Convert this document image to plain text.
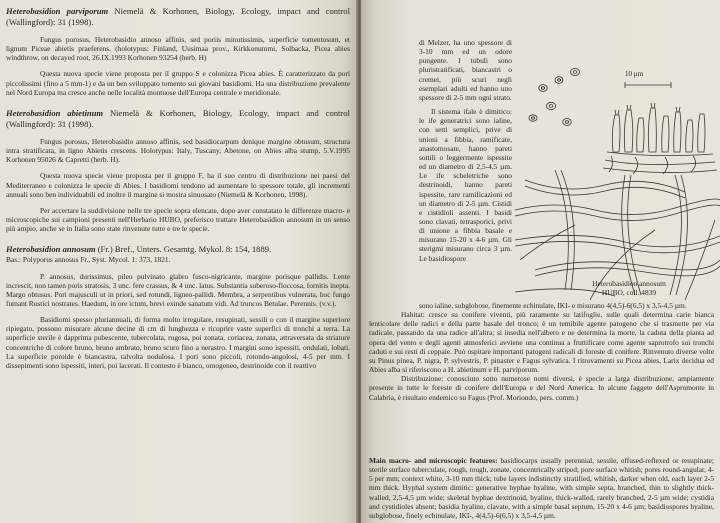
Heterobasidion parviporum Niemelä & Korhonen, Biology, Ecology, impact and control (Wallingford): 31 (1998).

Fungus porosus, Heterobasidio annoso affinis, sed poriis minutissimis, superficie tomentosum, et lignum Piceae abietis praeferens. (holotypus: Finland, Uusimaa prov., Kirkkonummi, Solbacka, Picea abies windthrow, on decayed root, 26.IX.1993 Korhonen 93254 (herb. H)

Questa nuova specie viene proposta per il gruppo S e colonizza Picea abies. È caratterizzato da pori piccolissimi (fino a 5 mm-1) e da un ben sviluppato tomento sui giovani basidiomi. Ha una distribuzione prevalente nel Nord Europa ma cresce anche nelle località montuose dell'Europa centrale e meridionale.

Heterobasidion abietinum Niemelä & Korhonen, Biology, Ecology, impact and control (Wallingford): 31 (1998).

Fungus porosus, Heterobasidio annoso affinis, sed basidiocarpum denique marginе obtusum, structura intra stratificata, in ligno Abietis crescens. Holotypus: Italy, Tuscany, Abetone, on Abies alba stump, 5.V.1995 Korhonen 95026 & Capretti (herb. H).

Questa nuova specie viene proposta per il gruppo F, ha il suo centro di distribuzione nei paesi del Mediterraneo e colonizza le specie di Abies. I basidiomi tendono ad aumentare lo spessore totale, gli incrementi annuali sono ben individuabili ed inoltre il margine si mostra sinuosato (Niemelä & Korhonen, 1998).

Per accertare la suddivisione nelle tre specie sopra elencate, dopo aver constatato le differenze macro- e microscopiche sui campioni presenti nell'Herbario HUBO, preferisco trattare Heterobasidion annosum in un senso più ampio, anche se in Italia sono state rinvenute tutte e tre le specie.

Heterobasidion annosum (Fr.) Bref., Unters. Gesamtg. Mykol. 8: 154, 1889.

Bas.: Polyporus annosus Fr., Syst. Mycol. 1: 373, 1821.

P. annosus, durissimus, pileo pulvinato glabro fusco-nigricante, margine porisque pallidis. Lente increscit, non tamen poris stratosis, 3 unc. fere crassus, & 4 unc. latus. Substantia suberoso-floccosa, fornitis inepta. Margo obtusus. Pori majusculi ut in priori, sed rotundi, ligneo-pallidi. Membra, a serpentibus vulnerata, hoc fungo fumant Rustici nostrates. Haedum, in ore ictum, brevi exinde sanatum vidi. Ad truncos Betulae. Perennis. (v.v.).

Basidiomi spesso pluriannuali, di forma molto irregolare, resupinati, sessili o con il margine superiore ripiegato, possono misurare alcune decine di cm di lunghezza e ricoprire vaste superfici di tronchi a terra. La superficie sterile è dapprima pubescente, tubercolata, rugosa, poi zonata, coriacea, zonata, attraversata da striature concentriche di colore bruno, bruno ambrato, bruno scuro fino a nerastro. I margini sono ispessiti, ondulati, lobati. La superficie poroide è biancastra, talvolta nodulosa. I pori sono piccoli, rotondo-angolosi, 4-5 per mm. I dissepimenti sono ispessiti, interi, poi lacerati. Il contesto è bianco, omogeneo, destrinoide con il reattivo

di Melzer, ha uno spessore di 3-10 mm ed un odore pungente. I tubuli sono pluristratificati, biancastri o cremei, più scuri negli esemplari adulti ed hanno uno spessore di 2-5 mm ogni strato.

Il sistema ifale è dimitico: le ife generatrici sono ialine, con setti semplici, prive di unioni a fibbia, ramificate, anastomosate, hanno pareti sottili o leggermente ispessite ed un diametro di 2,5-4,5 µm. Le ife scheletriche sono destrinoidi, hanno pareti ispessite, rare ramificazioni ed un diametro di 2-5 µm. Cistidi e cistidioli assenti. I basidi sono clavati, tetrasporici, privi di unione a fibbia basale e misurano 15-20 x 4-6 µm. Gli sterigmi misurano circa 3 µm. Le basidiospore

10 µm
Heterobasidion annosum
HUBO, coll. 4839

sono ialine, subglobose, finemente echinulate, IKI- e misurano 4(4,5)-6(6,5) x 3,5-4,5 µm.

Habitat: cresce su conifere viventi, più raramente su latifoglie, sulle quali determina carie bianca lenticolare delle radici e della parte basale del tronco; è un temibile agente patogeno che si trasmette per via radicale, passando da una radice all'altra; si insedia nell'albero e ne determina la morte, la caduta della pianta ad opera del vento e degli agenti atmosferici avviene una continua a fruttificare come agente saprotrofo sui tronchi caduti e sui resti di ceppaie. Può ospitare importanti patogeni radicali di foreste di conifere. Rinvenuto diverse volte su Pinus pinea, P. nigra, P. sylvestris, P. pinaster e Fagus sylvatica. I ritrovamenti su Picea abies, Larix decidua ed Abies alba si riferiscono a H. abietinum e H. parviporum.

Distribuzione: conosciuto sotto numerose nomi diversi, è specie a larga distribuzione, ampiamente presente in tutte le foreste di conifere dell'Europa e del Nord America. In alcune faggete dell'Aspromonte in Calabria, è risultato endemico su Fagus (Prof. Moriondo, pers. comm.)

Main macro- and microscopic features: basidiocarps usually perennial, sessile, effused-reflexed or resupinate; sterile surface tuberculate, rough, tough, zonate, concentrically striped; pore surface whitish; pores round-angular, 4-5 per mm; context white, 3-10 mm thick; tube layers indistinctly stratified, whitish, darker when old, each layer 2-5 mm thick. Hyphal system dimitic: generative hyphae hyaline, with simple septa, branched, thin to slightly thick-walled, 2,5-4,5 µm wide; skeletal hyphae dextrinoid, hyaline, thick-walled, rarely branched, 2-5 µm wide; cystidia and cystidioles absent; basidia hyaline, clavate, with a simple basal septum, 15-20 x 4-6 µm; basidiospores hyaline, subglobose, finely echinulate, IKI-, 4(4,5)-6(6,5) x 3,5-4,5 µm.
